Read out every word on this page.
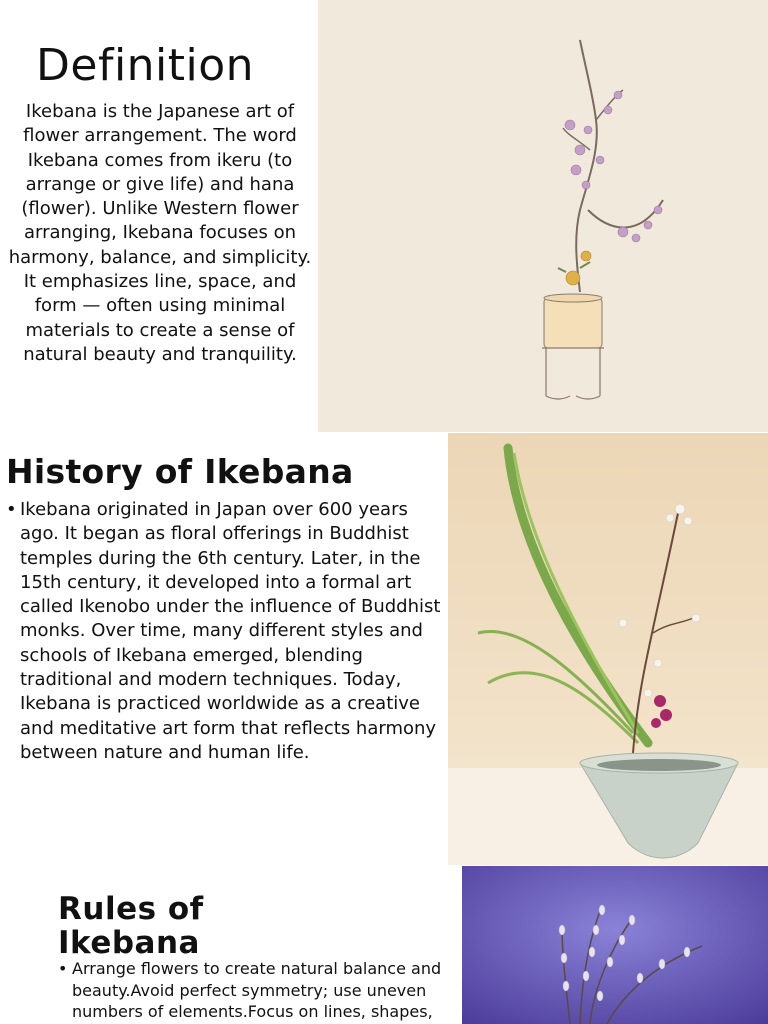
Definition
Ikebana is the Japanese art of flower arrangement. The word Ikebana comes from ikeru (to arrange or give life) and hana (flower). Unlike Western flower arranging, Ikebana focuses on harmony, balance, and simplicity. It emphasizes line, space, and form — often using minimal materials to create a sense of natural beauty and tranquility.
History of Ikebana
• Ikebana originated in Japan over 600 years ago. It began as floral offerings in Buddhist temples during the 6th century. Later, in the 15th century, it developed into a formal art called Ikenobo under the influence of Buddhist monks. Over time, many different styles and schools of Ikebana emerged, blending traditional and modern techniques. Today, Ikebana is practiced worldwide as a creative and meditative art form that reflects harmony between nature and human life.
Rules of Ikebana
• Arrange flowers to create natural balance and beauty.Avoid perfect symmetry; use uneven numbers of elements.Focus on lines, shapes,
